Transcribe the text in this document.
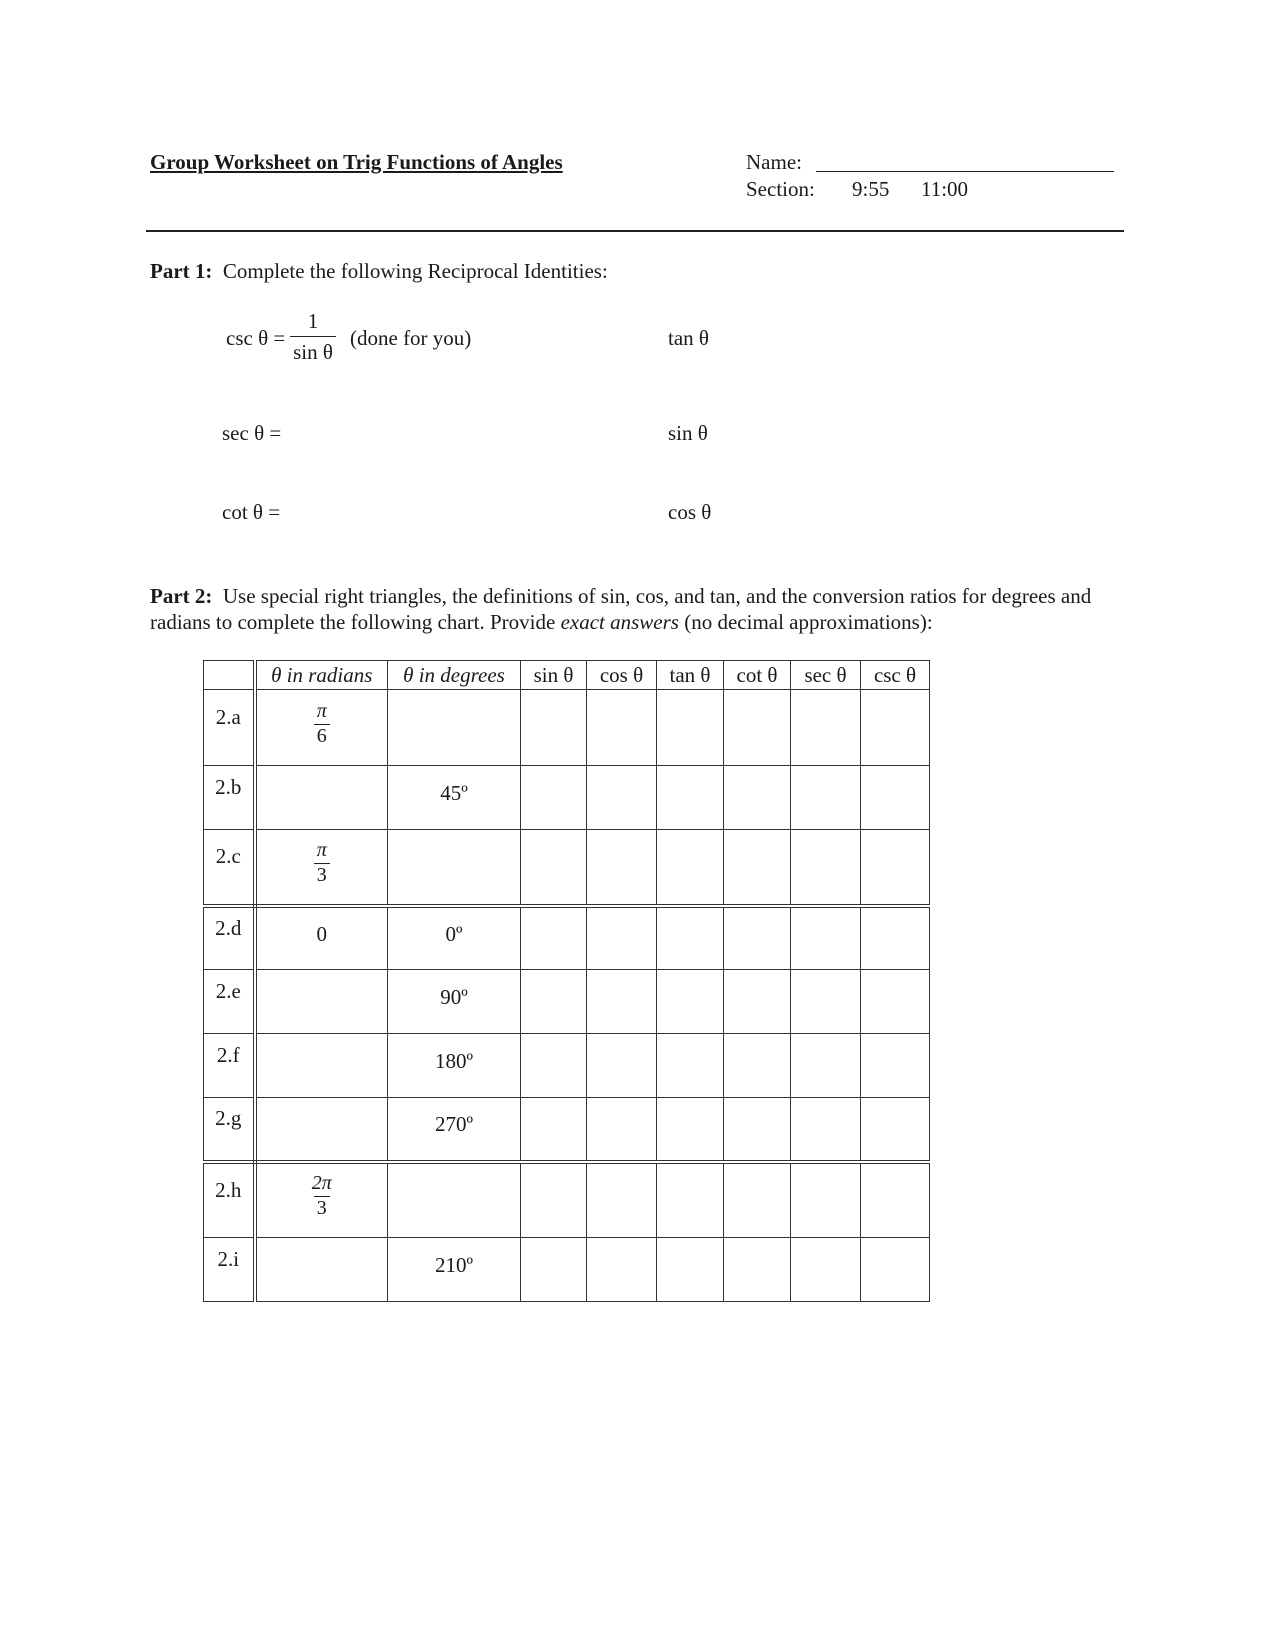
Group Worksheet on Trig Functions of Angles	Name:
Section: 9:55 11:00
Part 1: Complete the following Reciprocal Identities:
csc θ =
1
sin θ
(done for you)
sec θ =
cot θ =
tan θ
sin θ
cos θ
Part 2: Use special right triangles, the definitions of sin, cos, and tan, and the conversion ratios for degrees and radians to complete the following chart. Provide exact answers (no decimal approximations):
	θ in radians	θ in degrees	sin θ	cos θ	tan θ	cot θ	sec θ	csc θ
2.a	$\frac{\pi}{6}$

2.b		45º						
2.c	$\frac{\pi}{3}$

2.d	0	0º						
2.e		90º						
2.f		180º						
2.g		270º						
2.h	$\frac{2\pi}{3}$

2.i		210º						
